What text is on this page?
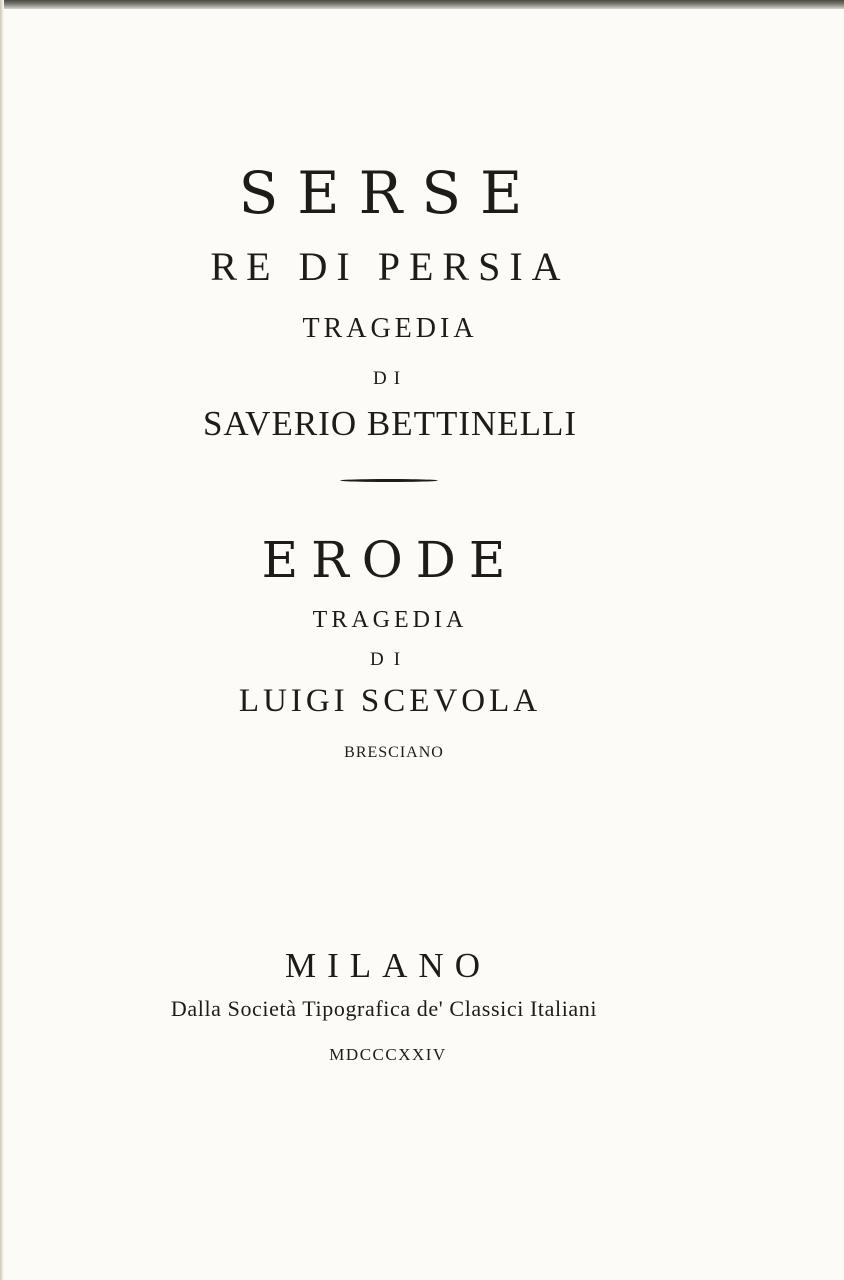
SERSE
RE DI PERSIA
TRAGEDIA
DI
SAVERIO BETTINELLI
ERODE
TRAGEDIA
DI
LUIGI SCEVOLA
BRESCIANO
MILANO
Dalla Società Tipografica de' Classici Italiani
MDCCCXXIV
